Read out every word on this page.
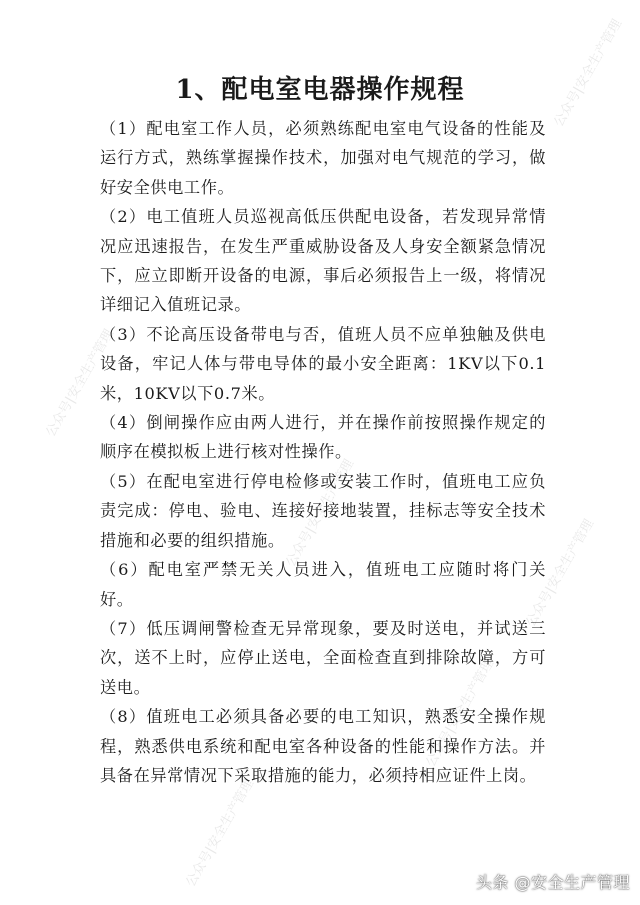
公众号|安全生产管理
公众号|安全生产管理
公众号|安全生产管理
公众号|安全生产管理
公众号|安全生产管理
公众号|安全生产管理
1、配电室电器操作规程

（1）配电室工作人员，必须熟练配电室电气设备的性能及运行方式，熟练掌握操作技术，加强对电气规范的学习，做好安全供电工作。

（2）电工值班人员巡视高低压供配电设备，若发现异常情况应迅速报告，在发生严重威胁设备及人身安全额紧急情况下，应立即断开设备的电源，事后必须报告上一级，将情况详细记入值班记录。

（3）不论高压设备带电与否，值班人员不应单独触及供电设备，牢记人体与带电导体的最小安全距离：1KV以下0.1米，10KV以下0.7米。

（4）倒闸操作应由两人进行，并在操作前按照操作规定的顺序在模拟板上进行核对性操作。

（5）在配电室进行停电检修或安装工作时，值班电工应负责完成：停电、验电、连接好接地装置，挂标志等安全技术措施和必要的组织措施。

（6）配电室严禁无关人员进入，值班电工应随时将门关好。

（7）低压调闸警检查无异常现象，要及时送电，并试送三次，送不上时，应停止送电，全面检查直到排除故障，方可送电。

（8）值班电工必须具备必要的电工知识，熟悉安全操作规程，熟悉供电系统和配电室各种设备的性能和操作方法。并具备在异常情况下采取措施的能力，必须持相应证件上岗。

头条 @安全生产管理
